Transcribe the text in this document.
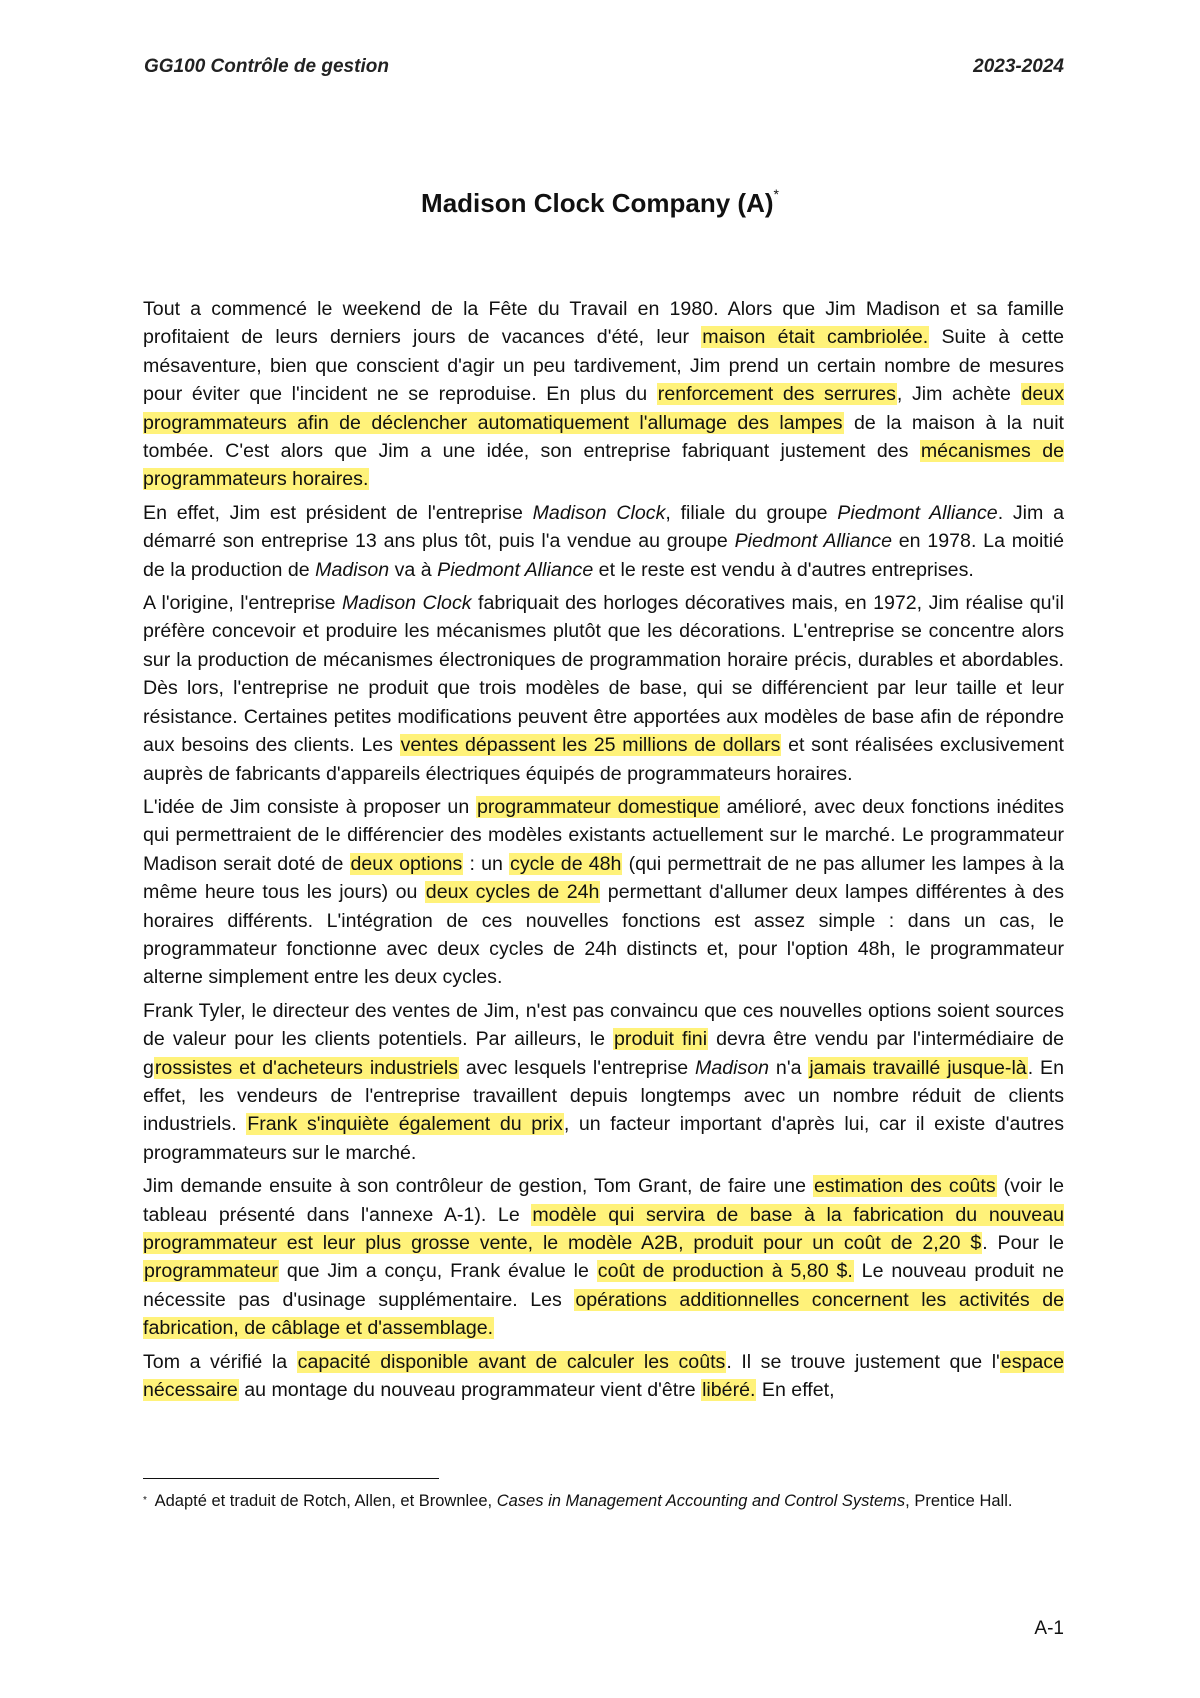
GG100 Contrôle de gestion	2023-2024
Madison Clock Company (A)*

Tout a commencé le weekend de la Fête du Travail en 1980. Alors que Jim Madison et sa famille profitaient de leurs derniers jours de vacances d'été, leur maison était cambriolée. Suite à cette mésaventure, bien que conscient d'agir un peu tardivement, Jim prend un certain nombre de mesures pour éviter que l'incident ne se reproduise. En plus du renforcement des serrures, Jim achète deux programmateurs afin de déclencher automatiquement l'allumage des lampes de la maison à la nuit tombée. C'est alors que Jim a une idée, son entreprise fabriquant justement des mécanismes de programmateurs horaires.

En effet, Jim est président de l'entreprise Madison Clock, filiale du groupe Piedmont Alliance. Jim a démarré son entreprise 13 ans plus tôt, puis l'a vendue au groupe Piedmont Alliance en 1978. La moitié de la production de Madison va à Piedmont Alliance et le reste est vendu à d'autres entreprises.

A l'origine, l'entreprise Madison Clock fabriquait des horloges décoratives mais, en 1972, Jim réalise qu'il préfère concevoir et produire les mécanismes plutôt que les décorations. L'entreprise se concentre alors sur la production de mécanismes électroniques de programmation horaire précis, durables et abordables. Dès lors, l'entreprise ne produit que trois modèles de base, qui se différencient par leur taille et leur résistance. Certaines petites modifications peuvent être apportées aux modèles de base afin de répondre aux besoins des clients. Les ventes dépassent les 25 millions de dollars et sont réalisées exclusivement auprès de fabricants d'appareils électriques équipés de programmateurs horaires.

L'idée de Jim consiste à proposer un programmateur domestique amélioré, avec deux fonctions inédites qui permettraient de le différencier des modèles existants actuellement sur le marché. Le programmateur Madison serait doté de deux options : un cycle de 48h (qui permettrait de ne pas allumer les lampes à la même heure tous les jours) ou deux cycles de 24h permettant d'allumer deux lampes différentes à des horaires différents. L'intégration de ces nouvelles fonctions est assez simple : dans un cas, le programmateur fonctionne avec deux cycles de 24h distincts et, pour l'option 48h, le programmateur alterne simplement entre les deux cycles.

Frank Tyler, le directeur des ventes de Jim, n'est pas convaincu que ces nouvelles options soient sources de valeur pour les clients potentiels. Par ailleurs, le produit fini devra être vendu par l'intermédiaire de grossistes et d'acheteurs industriels avec lesquels l'entreprise Madison n'a jamais travaillé jusque-là. En effet, les vendeurs de l'entreprise travaillent depuis longtemps avec un nombre réduit de clients industriels. Frank s'inquiète également du prix, un facteur important d'après lui, car il existe d'autres programmateurs sur le marché.

Jim demande ensuite à son contrôleur de gestion, Tom Grant, de faire une estimation des coûts (voir le tableau présenté dans l'annexe A-1). Le modèle qui servira de base à la fabrication du nouveau programmateur est leur plus grosse vente, le modèle A2B, produit pour un coût de 2,20 $. Pour le programmateur que Jim a conçu, Frank évalue le coût de production à 5,80 $. Le nouveau produit ne nécessite pas d'usinage supplémentaire. Les opérations additionnelles concernent les activités de fabrication, de câblage et d'assemblage.

Tom a vérifié la capacité disponible avant de calculer les coûts. Il se trouve justement que l'espace nécessaire au montage du nouveau programmateur vient d'être libéré. En effet,

* Adapté et traduit de Rotch, Allen, et Brownlee, Cases in Management Accounting and Control Systems, Prentice Hall.
A-1
